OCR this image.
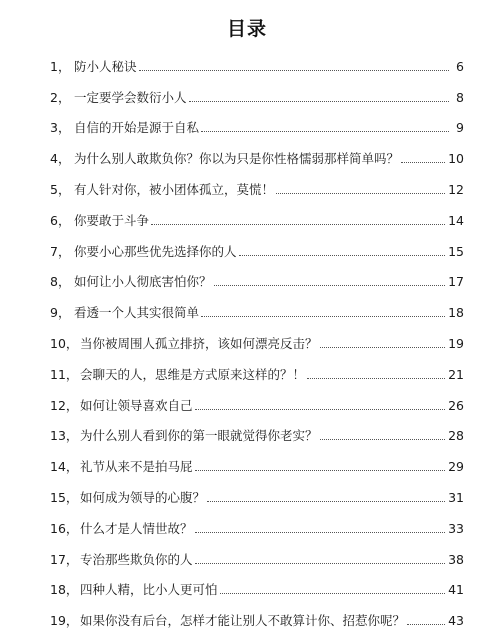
目录
1， 防小人秘诀	6
2， 一定要学会数衍小人	8
3， 自信的开始是源于自私	9
4， 为什么别人敢欺负你？你以为只是你性格懦弱那样简单吗？	10
5， 有人针对你，被小团体孤立，莫慌！	12
6， 你要敢于斗争	14
7， 你要小心那些优先选择你的人	15
8， 如何让小人彻底害怕你？	17
9， 看透一个人其实很简单	18
10， 当你被周围人孤立排挤，该如何漂亮反击？	19
11， 会聊天的人，思维是方式原来这样的？！	21
12， 如何让领导喜欢自己	26
13， 为什么别人看到你的第一眼就觉得你老实？	28
14， 礼节从来不是拍马屁	29
15， 如何成为领导的心腹？	31
16， 什么才是人情世故？	33
17， 专治那些欺负你的人	38
18， 四种人精，比小人更可怕	41
19， 如果你没有后台，怎样才能让别人不敢算计你、招惹你呢？	43
